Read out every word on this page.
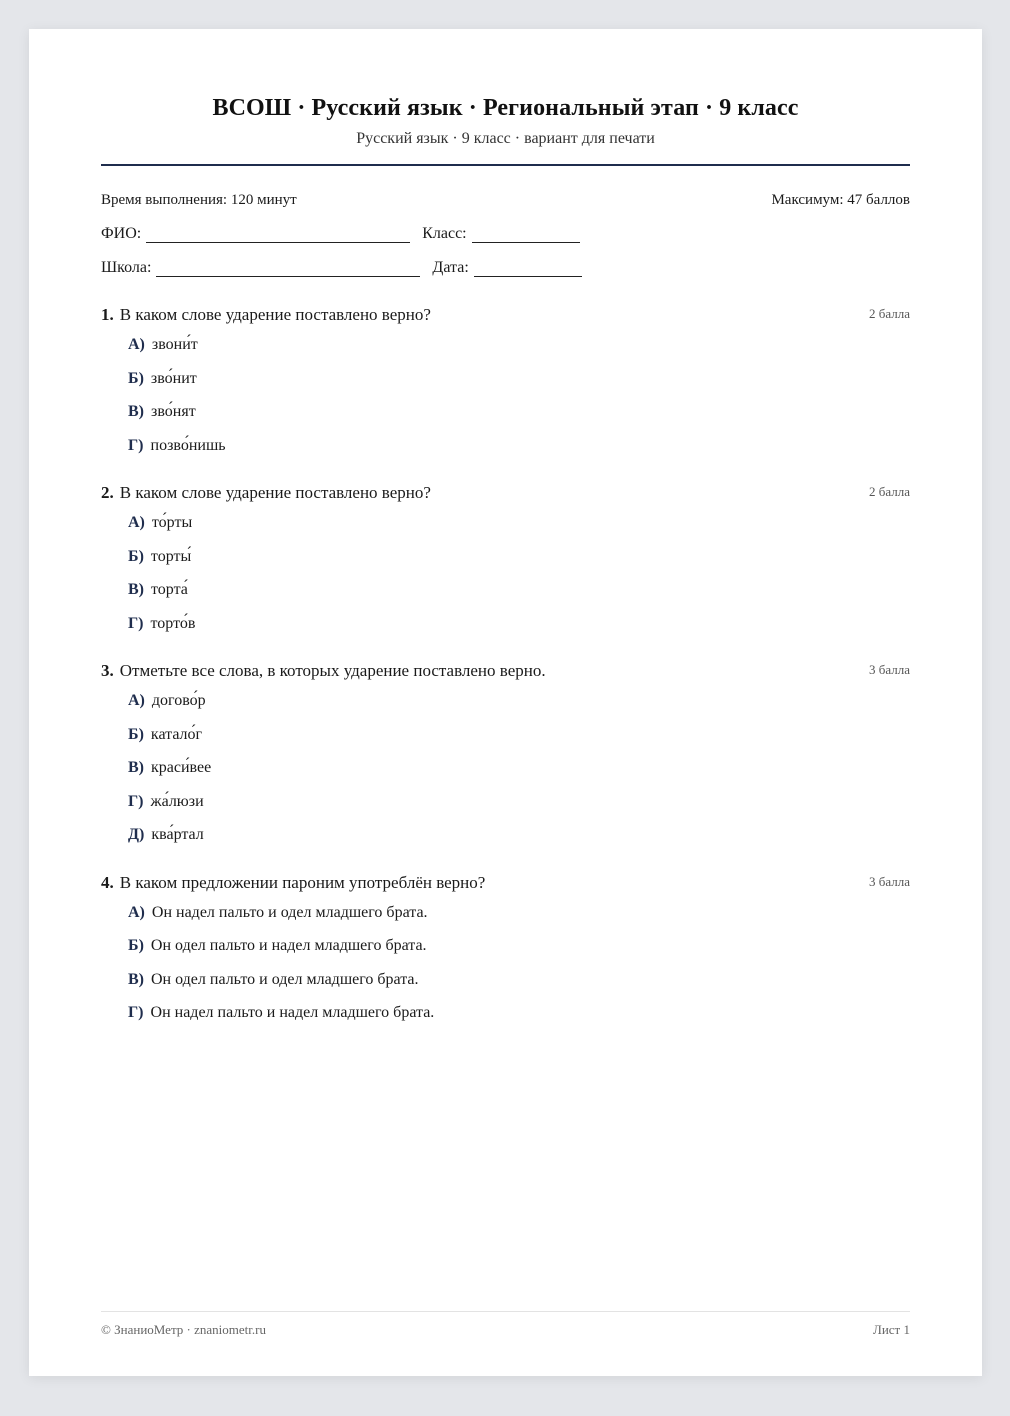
ВСОШ · Русский язык · Региональный этап · 9 класс
Русский язык · 9 класс · вариант для печати
Время выполнения: 120 минут	Максимум: 47 баллов
ФИО:	Класс:
Школа:	Дата:
1. В каком слове ударение поставлено верно?	2 балла
А) звони́т
Б) зво́нит
В) зво́нят
Г) позво́нишь
2. В каком слове ударение поставлено верно?	2 балла
А) то́рты
Б) торты́
В) торта́
Г) торто́в
3. Отметьте все слова, в которых ударение поставлено верно.	3 балла
А) догово́р
Б) катало́г
В) краси́вее
Г) жа́люзи
Д) ква́ртал
4. В каком предложении пароним употреблён верно?	3 балла
А) Он надел пальто и одел младшего брата.
Б) Он одел пальто и надел младшего брата.
В) Он одел пальто и одел младшего брата.
Г) Он надел пальто и надел младшего брата.
© ЗнаниоМетр · znaniometr.ru	Лист 1
